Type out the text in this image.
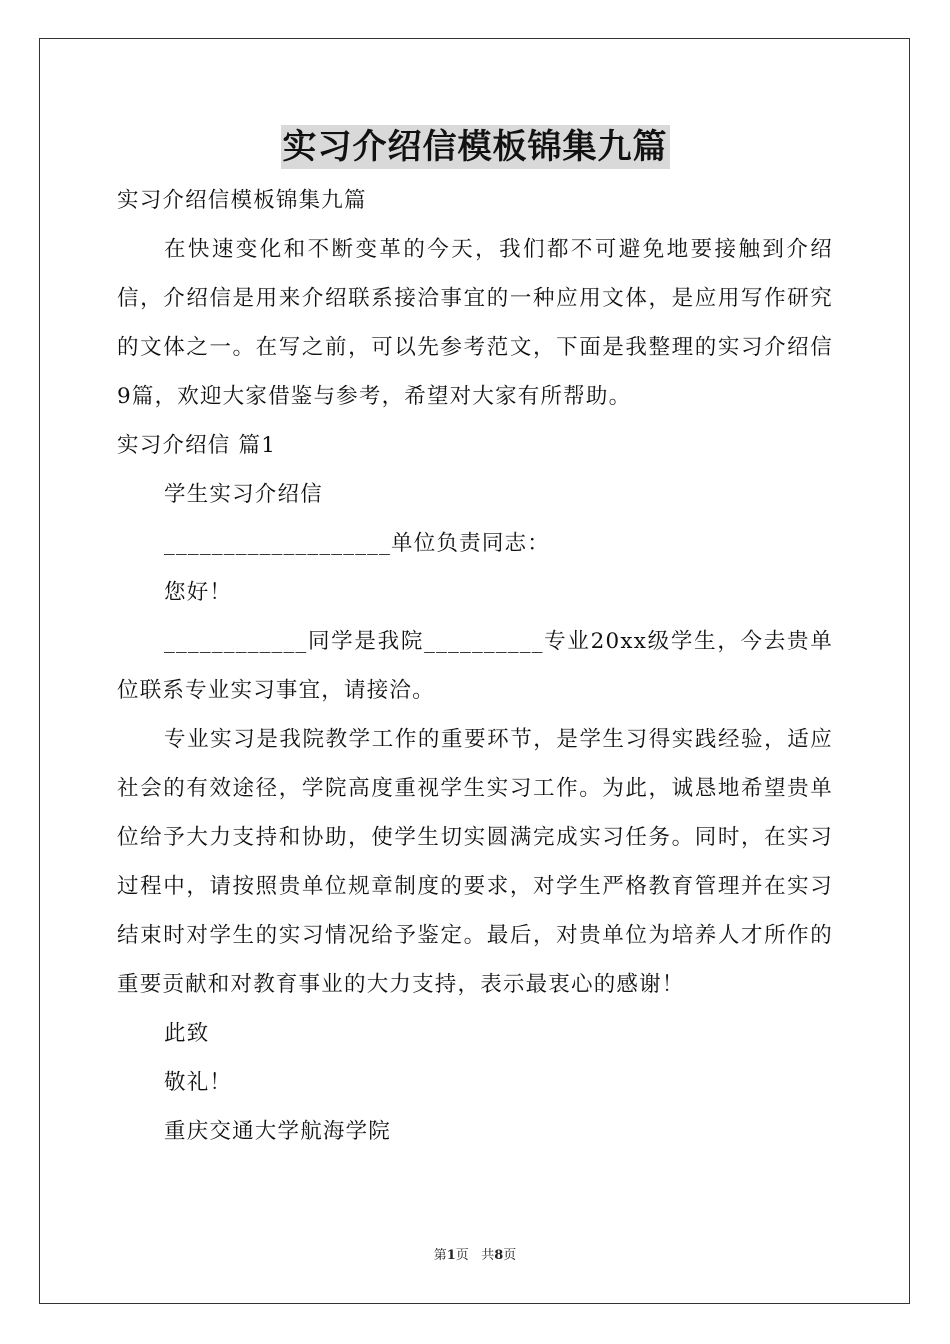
实习介绍信模板锦集九篇

实习介绍信模板锦集九篇

在快速变化和不断变革的今天，我们都不可避免地要接触到介绍信，介绍信是用来介绍联系接洽事宜的一种应用文体，是应用写作研究的文体之一。在写之前，可以先参考范文，下面是我整理的实习介绍信9篇，欢迎大家借鉴与参考，希望对大家有所帮助。

实习介绍信 篇1

学生实习介绍信

___________________单位负责同志：

您好！

____________同学是我院__________专业20xx级学生，今去贵单位联系专业实习事宜，请接洽。

专业实习是我院教学工作的重要环节，是学生习得实践经验，适应社会的有效途径，学院高度重视学生实习工作。为此，诚恳地希望贵单位给予大力支持和协助，使学生切实圆满完成实习任务。同时，在实习过程中，请按照贵单位规章制度的要求，对学生严格教育管理并在实习结束时对学生的实习情况给予鉴定。最后，对贵单位为培养人才所作的重要贡献和对教育事业的大力支持，表示最衷心的感谢！

此致

敬礼！

重庆交通大学航海学院

第1页 共8页
